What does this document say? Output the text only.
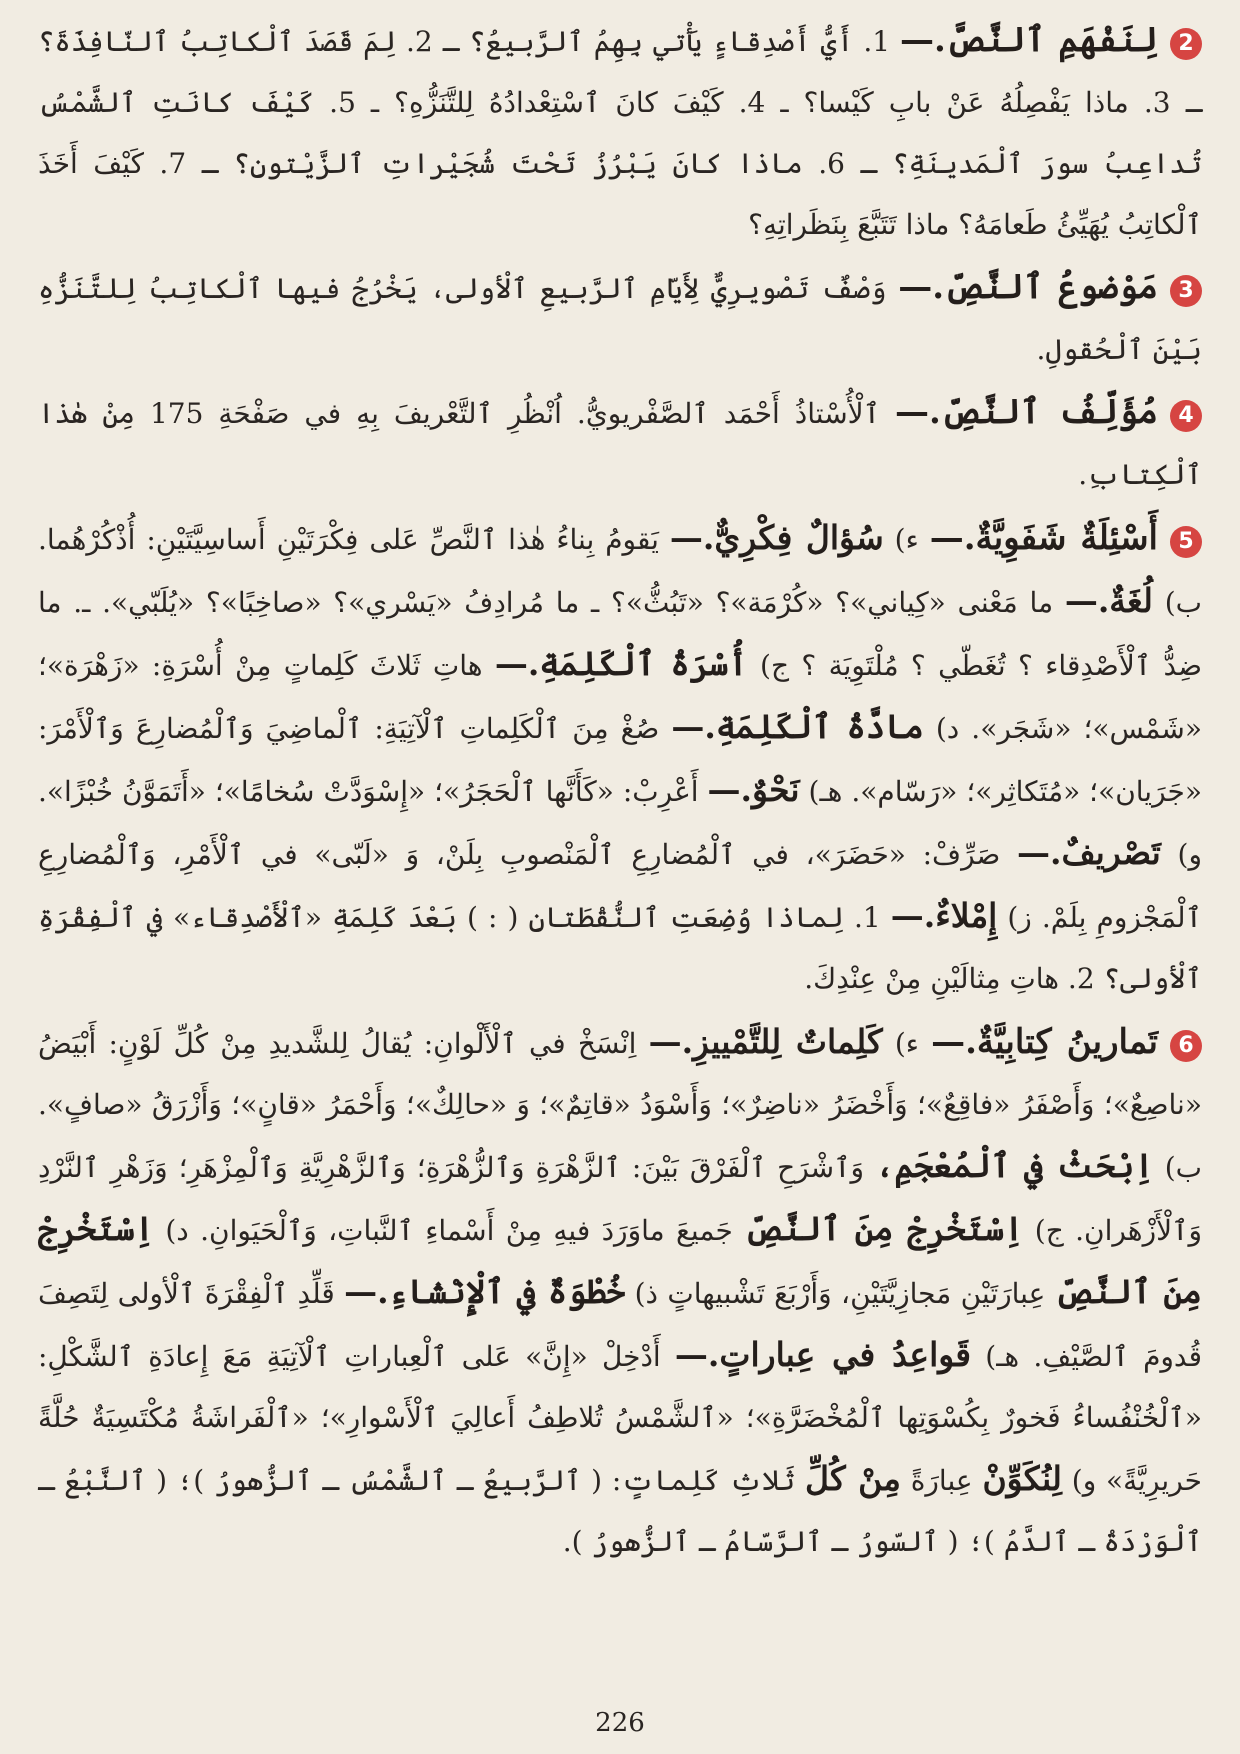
2لِنَفْهَمِ ٱلنَّصَّ.— 1. أَيُّ أَصْدِقاءٍ يَأْتي بِهِمُ ٱلرَّبيعُ؟ ـ 2. لِمَ قَصَدَ ٱلْكاتِبُ ٱلنّافِذَةَ؟ ـ 3. ماذا يَفْصِلُهُ عَنْ بابِ كَيْسا؟ ـ 4. كَيْفَ كانَ ٱسْتِعْدادُهُ لِلتَّنَزُّهِ؟ ـ 5. كَيْفَ كانَتِ ٱلشَّمْسُ تُداعِبُ سورَ ٱلْمَدينَةِ؟ ـ 6. ماذا كانَ يَبْرُزُ تَحْتَ شُجَيْراتِ ٱلزَّيْتونِ؟ ـ 7. كَيْفَ أَخَذَ ٱلْكاتِبُ يُهَيِّئُ طَعامَهُ؟ ماذا تَتَبَّعَ بِنَظَراتِهِ؟
3مَوْضوعُ ٱلنَّصِّ.— وَصْفٌ تَصْويرِيٌّ لِأَيّامِ ٱلرَّبيعِ ٱلْأولى، يَخْرُجُ فيها ٱلْكاتِبُ لِلتَّنَزُّهِ بَيْنَ ٱلْحُقولِ.
4مُؤَلِّفُ ٱلنَّصِّ.— ٱلْأُسْتاذُ أَحْمَد ٱلصَّفْريويُّ. اُنْظُرِ ٱلتَّعْريفَ بِهِ في صَفْحَةِ 175 مِنْ هٰذا ٱلْكِتابِ.
5أَسْئِلَةٌ شَفَوِيَّةٌ.— ء) سُؤالٌ فِكْرِيٌّ.— يَقومُ بِناءُ هٰذا ٱلنَّصِّ عَلى فِكْرَتَيْنِ أَساسِيَّتَيْنِ: أُذْكُرْهُما. ب) لُغَةٌ.— ما مَعْنى «كِياني»؟ «كُرْمَة»؟ «تَبُثُّ»؟ ـ ما مُرادِفُ «يَسْري»؟ «صاخِبًا»؟ «يُلَبّي». ـ. ما ضِدُّ ٱلْأَصْدِقاء ؟ تُغَطّي ؟ مُلْتَوِيَة ؟ ج) أُسْرَةُ ٱلْكَلِمَةِ.— هاتِ ثَلاثَ كَلِماتٍ مِنْ أُسْرَةِ: «زَهْرَة»؛ «شَمْس»؛ «شَجَر». د) مادَّةُ ٱلْكَلِمَةِ.— صُغْ مِنَ ٱلْكَلِماتِ ٱلْآتِيَةِ: ٱلْماضِيَ وَٱلْمُضارِعَ وَٱلْأَمْرَ: «جَرَيان»؛ «مُتَكاثِر»؛ «رَسّام». هـ) نَحْوٌ.— أَعْرِبْ: «كَأَنَّها ٱلْحَجَرُ»؛ «إِسْوَدَّتْ سُخامًا»؛ «أَتَمَوَّنُ خُبْزًا». و) تَصْريفٌ.— صَرِّفْ: «حَضَرَ»، في ٱلْمُضارِعِ ٱلْمَنْصوبِ بِلَنْ، وَ «لَبّى» في ٱلْأَمْرِ، وَٱلْمُضارِعِ ٱلْمَجْزومِ بِلَمْ. ز) إِمْلاءٌ.— 1. لِماذا وُضِعَتِ ٱلنُّقْطَتانِ ( : ) بَعْدَ كَلِمَةِ «ٱلْأَصْدِقاء» في ٱلْفِقْرَةِ ٱلْأولى؟ 2. هاتِ مِثالَيْنِ مِنْ عِنْدِكَ.
6تَمارينُ كِتابِيَّةٌ.— ء) كَلِماتٌ لِلتَّمْييزِ.— اِنْسَخْ في ٱلْأَلْوانِ: يُقالُ لِلشَّديدِ مِنْ كُلِّ لَوْنٍ: أَبْيَضُ «ناصِعٌ»؛ وَأَصْفَرُ «فاقِعٌ»؛ وَأَخْضَرُ «ناضِرٌ»؛ وَأَسْوَدُ «قاتِمٌ»؛ وَ «حالِكٌ»؛ وَأَحْمَرُ «قانٍ»؛ وَأَزْرَقُ «صافٍ». ب) اِبْحَثْ في ٱلْمُعْجَمِ، وَٱشْرَحِ ٱلْفَرْقَ بَيْنَ: ٱلزَّهْرَةِ وَٱلزُّهْرَةِ؛ وَٱلزَّهْرِيَّةِ وَٱلْمِزْهَرِ؛ وَزَهْرِ ٱلنَّرْدِ وَٱلْأَزْهَرانِ. ج) اِسْتَخْرِجْ مِنَ ٱلنَّصِّ جَميعَ ماوَرَدَ فيهِ مِنْ أَسْماءِ ٱلنَّباتِ، وَٱلْحَيَوانِ. د) اِسْتَخْرِجْ مِنَ ٱلنَّصِّ عِبارَتَيْنِ مَجازِيَّتَيْنِ، وَأَرْبَعَ تَشْبيهاتٍ ذ) خُطْوَةٌ في ٱلْإِنْشاءِ.— قَلِّدِ ٱلْفِقْرَةَ ٱلْأولى لِتَصِفَ قُدومَ ٱلصَّيْفِ. هـ) قَواعِدُ في عِباراتٍ.— أَدْخِلْ «إِنَّ» عَلى ٱلْعِباراتِ ٱلْآتِيَةِ مَعَ إِعادَةِ ٱلشَّكْلِ: «ٱلْخُنْفُساءُ فَخورٌ بِكُسْوَتِها ٱلْمُخْضَرَّةِ»؛ «ٱلشَّمْسُ تُلاطِفُ أَعالِيَ ٱلْأَسْوارِ»؛ «ٱلْفَراشَةُ مُكْتَسِيَةٌ حُلَّةً حَريرِيَّةً» و) لِنُكَوِّنْ عِبارَةً مِنْ كُلِّ ثَلاثِ كَلِماتٍ: ( ٱلرَّبيعُ ـ ٱلشَّمْسُ ـ ٱلزُّهورُ )؛ ( ٱلنَّبْعُ ـ ٱلْوَرْدَةُ ـ ٱلدَّمُ )؛ ( ٱلسّورُ ـ ٱلرَّسّامُ ـ ٱلزُّهورُ ).
226
